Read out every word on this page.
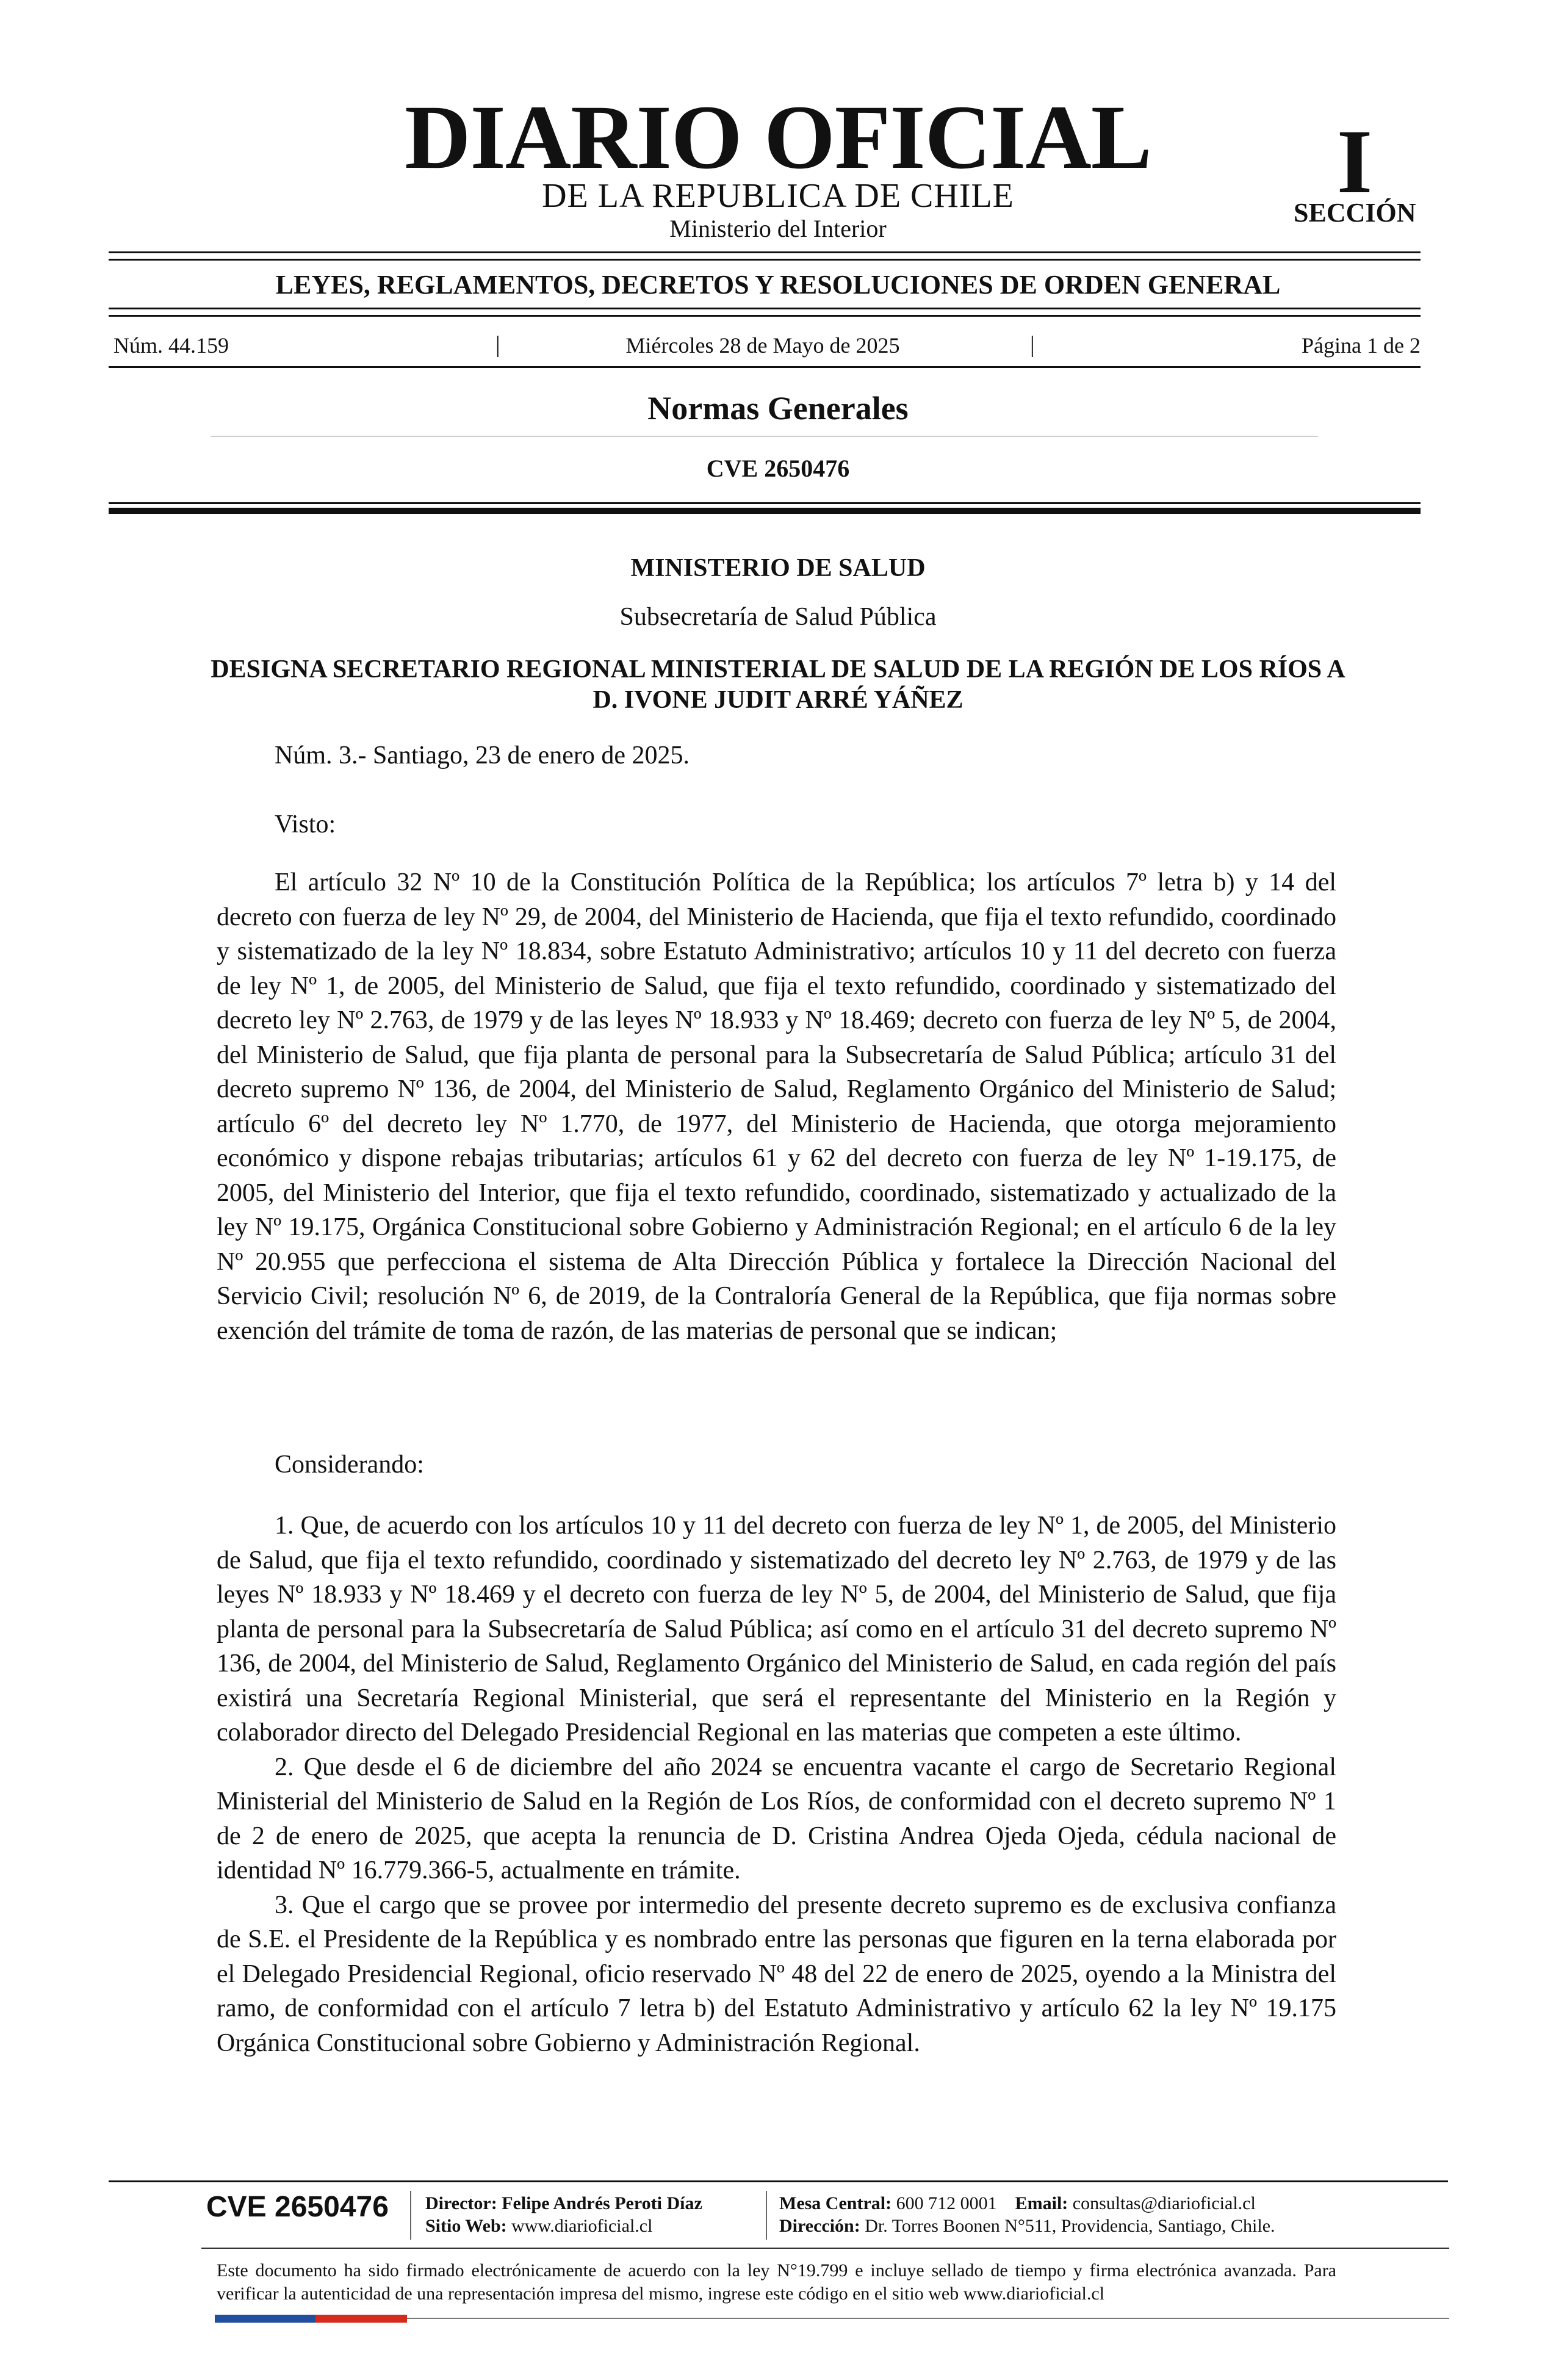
DIARIO OFICIAL
DE LA REPUBLICA DE CHILE
Ministerio del Interior
I
SECCIÓN
LEYES, REGLAMENTOS, DECRETOS Y RESOLUCIONES DE ORDEN GENERAL
Núm. 44.159	|	Miércoles 28 de Mayo de 2025	|	Página 1 de 2
Normas Generales
CVE 2650476
MINISTERIO DE SALUD
Subsecretaría de Salud Pública
DESIGNA SECRETARIO REGIONAL MINISTERIAL DE SALUD DE LA REGIÓN DE LOS RÍOS A D. IVONE JUDIT ARRÉ YÁÑEZ
Núm. 3.- Santiago, 23 de enero de 2025.
Visto:
El artículo 32 Nº 10 de la Constitución Política de la República; los artículos 7º letra b) y 14 del decreto con fuerza de ley Nº 29, de 2004, del Ministerio de Hacienda, que fija el texto refundido, coordinado y sistematizado de la ley Nº 18.834, sobre Estatuto Administrativo; artículos 10 y 11 del decreto con fuerza de ley Nº 1, de 2005, del Ministerio de Salud, que fija el texto refundido, coordinado y sistematizado del decreto ley Nº 2.763, de 1979 y de las leyes Nº 18.933 y Nº 18.469; decreto con fuerza de ley Nº 5, de 2004, del Ministerio de Salud, que fija planta de personal para la Subsecretaría de Salud Pública; artículo 31 del decreto supremo Nº 136, de 2004, del Ministerio de Salud, Reglamento Orgánico del Ministerio de Salud; artículo 6º del decreto ley Nº 1.770, de 1977, del Ministerio de Hacienda, que otorga mejoramiento económico y dispone rebajas tributarias; artículos 61 y 62 del decreto con fuerza de ley Nº 1-19.175, de 2005, del Ministerio del Interior, que fija el texto refundido, coordinado, sistematizado y actualizado de la ley Nº 19.175, Orgánica Constitucional sobre Gobierno y Administración Regional; en el artículo 6 de la ley Nº 20.955 que perfecciona el sistema de Alta Dirección Pública y fortalece la Dirección Nacional del Servicio Civil; resolución Nº 6, de 2019, de la Contraloría General de la República, que fija normas sobre exención del trámite de toma de razón, de las materias de personal que se indican;
Considerando:

1. Que, de acuerdo con los artículos 10 y 11 del decreto con fuerza de ley Nº 1, de 2005, del Ministerio de Salud, que fija el texto refundido, coordinado y sistematizado del decreto ley Nº 2.763, de 1979 y de las leyes Nº 18.933 y Nº 18.469 y el decreto con fuerza de ley Nº 5, de 2004, del Ministerio de Salud, que fija planta de personal para la Subsecretaría de Salud Pública; así como en el artículo 31 del decreto supremo Nº 136, de 2004, del Ministerio de Salud, Reglamento Orgánico del Ministerio de Salud, en cada región del país existirá una Secretaría Regional Ministerial, que será el representante del Ministerio en la Región y colaborador directo del Delegado Presidencial Regional en las materias que competen a este último.

2. Que desde el 6 de diciembre del año 2024 se encuentra vacante el cargo de Secretario Regional Ministerial del Ministerio de Salud en la Región de Los Ríos, de conformidad con el decreto supremo Nº 1 de 2 de enero de 2025, que acepta la renuncia de D. Cristina Andrea Ojeda Ojeda, cédula nacional de identidad Nº 16.779.366-5, actualmente en trámite.

3. Que el cargo que se provee por intermedio del presente decreto supremo es de exclusiva confianza de S.E. el Presidente de la República y es nombrado entre las personas que figuren en la terna elaborada por el Delegado Presidencial Regional, oficio reservado Nº 48 del 22 de enero de 2025, oyendo a la Ministra del ramo, de conformidad con el artículo 7 letra b) del Estatuto Administrativo y artículo 62 la ley Nº 19.175 Orgánica Constitucional sobre Gobierno y Administración Regional.

CVE 2650476 Director: Felipe Andrés Peroti Díaz
Sitio Web: www.diarioficial.cl
Mesa Central: 600 712 0001 Email: consultas@diarioficial.cl
Dirección: Dr. Torres Boonen N°511, Providencia, Santiago, Chile.
Este documento ha sido firmado electrónicamente de acuerdo con la ley N°19.799 e incluye sellado de tiempo y firma electrónica avanzada. Para verificar la autenticidad de una representación impresa del mismo, ingrese este código en el sitio web www.diarioficial.cl
